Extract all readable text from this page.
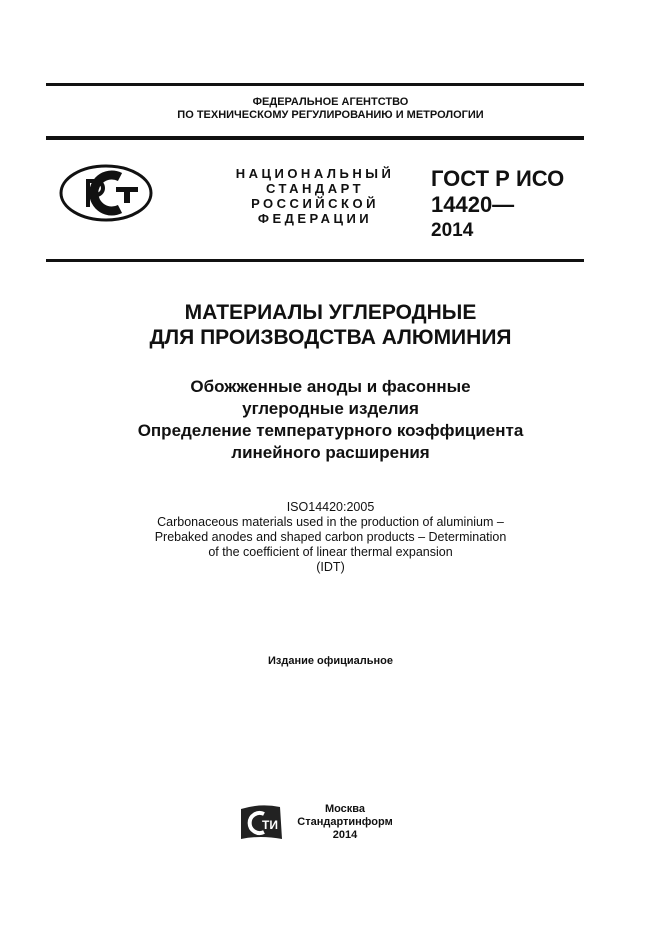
ФЕДЕРАЛЬНОЕ АГЕНТСТВО
ПО ТЕХНИЧЕСКОМУ РЕГУЛИРОВАНИЮ И МЕТРОЛОГИИ
НАЦИОНАЛЬНЫЙ
СТАНДАРТ
РОССИЙСКОЙ
ФЕДЕРАЦИИ
ГОСТ Р ИСО
14420—
2014
МАТЕРИАЛЫ УГЛЕРОДНЫЕ
ДЛЯ ПРОИЗВОДСТВА АЛЮМИНИЯ
Обожженные аноды и фасонные
углеродные изделия
Определение температурного коэффициента
линейного расширения
ISO14420:2005
Carbonaceous materials used in the production of aluminium –
Prebaked anodes and shaped carbon products – Determination
of the coefficient of linear thermal expansion
(IDT)
Издание официальное
ТИ
Москва
Стандартинформ
2014
